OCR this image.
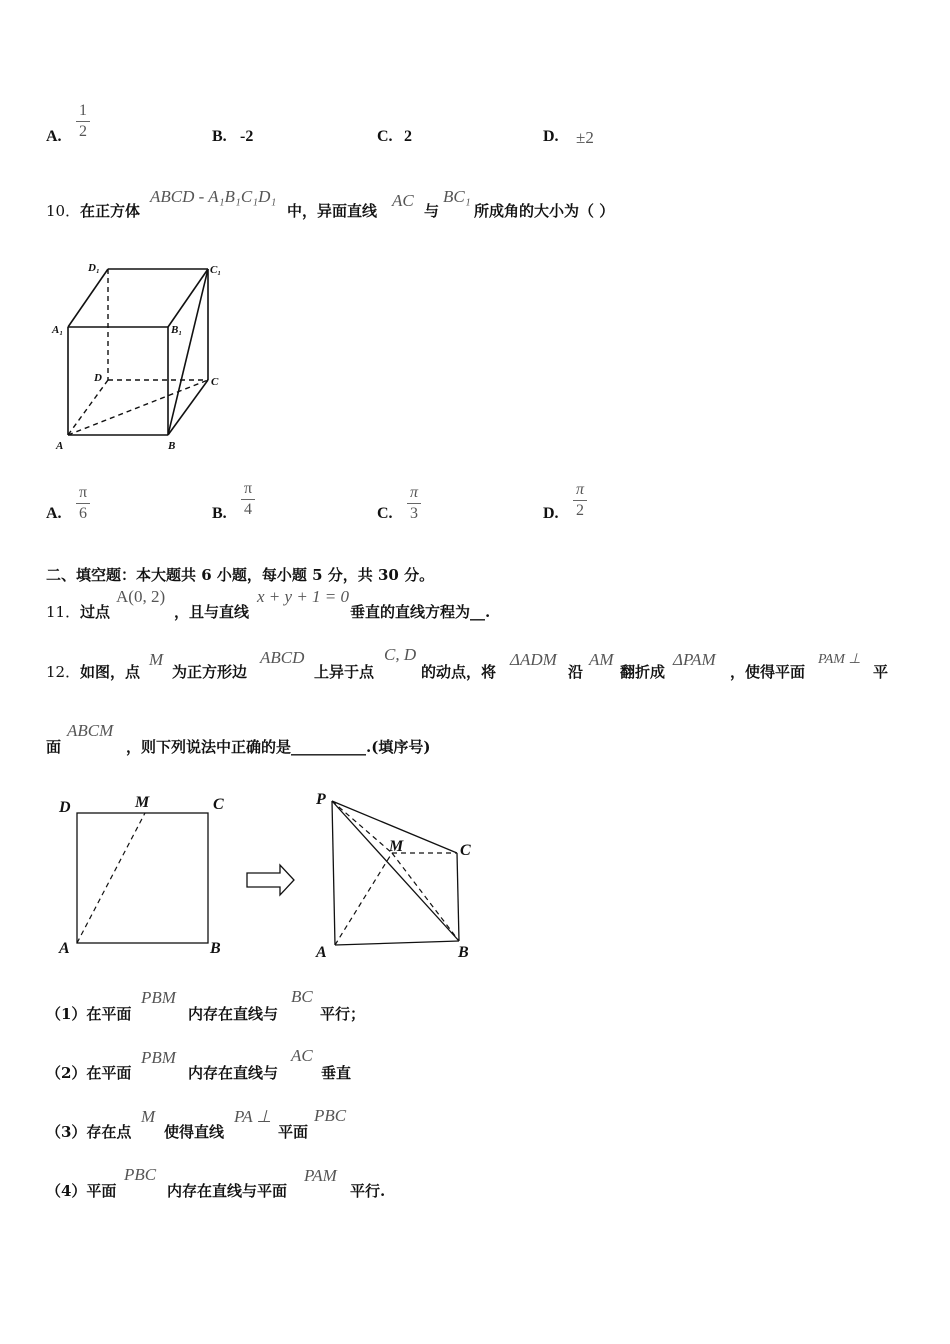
A.
1
2	B. -2	C. 2	D. ±2
10． 在正方体
ABCD - A₁B₁C₁D₁
中，异面直线
AC
与
BC₁
所成角的大小为（ ）
D₁	C₁
A₁	B₁
D	C
A	B
A.
π
6	B.
π
4	C.
π
3	D.
π
2
二、填空题：本大题共 6 小题，每小题 5 分，共 30 分。
11． 过点
A(0, 2)
，且与直线
x + y + 1 = 0
垂直的直线方程为__.
12． 如图，点
M
为正方形边
ABCD
上异于点
C, D
的动点，将
ΔADM
沿
AM
翻折成
ΔPAM
，使得平面
PAM ⊥
平
面
ABCM
，则下列说法中正确的是__________.(填序号)
D	M	C
A	B
P
M	C
A	B
（1）在平面
PBM
内存在直线与
BC
平行；
（2）在平面
PBM
内存在直线与
AC
垂直
（3）存在点
M
使得直线
PA ⊥
平面
PBC
（4）平面
PBC
内存在直线与平面
PAM
平行.
